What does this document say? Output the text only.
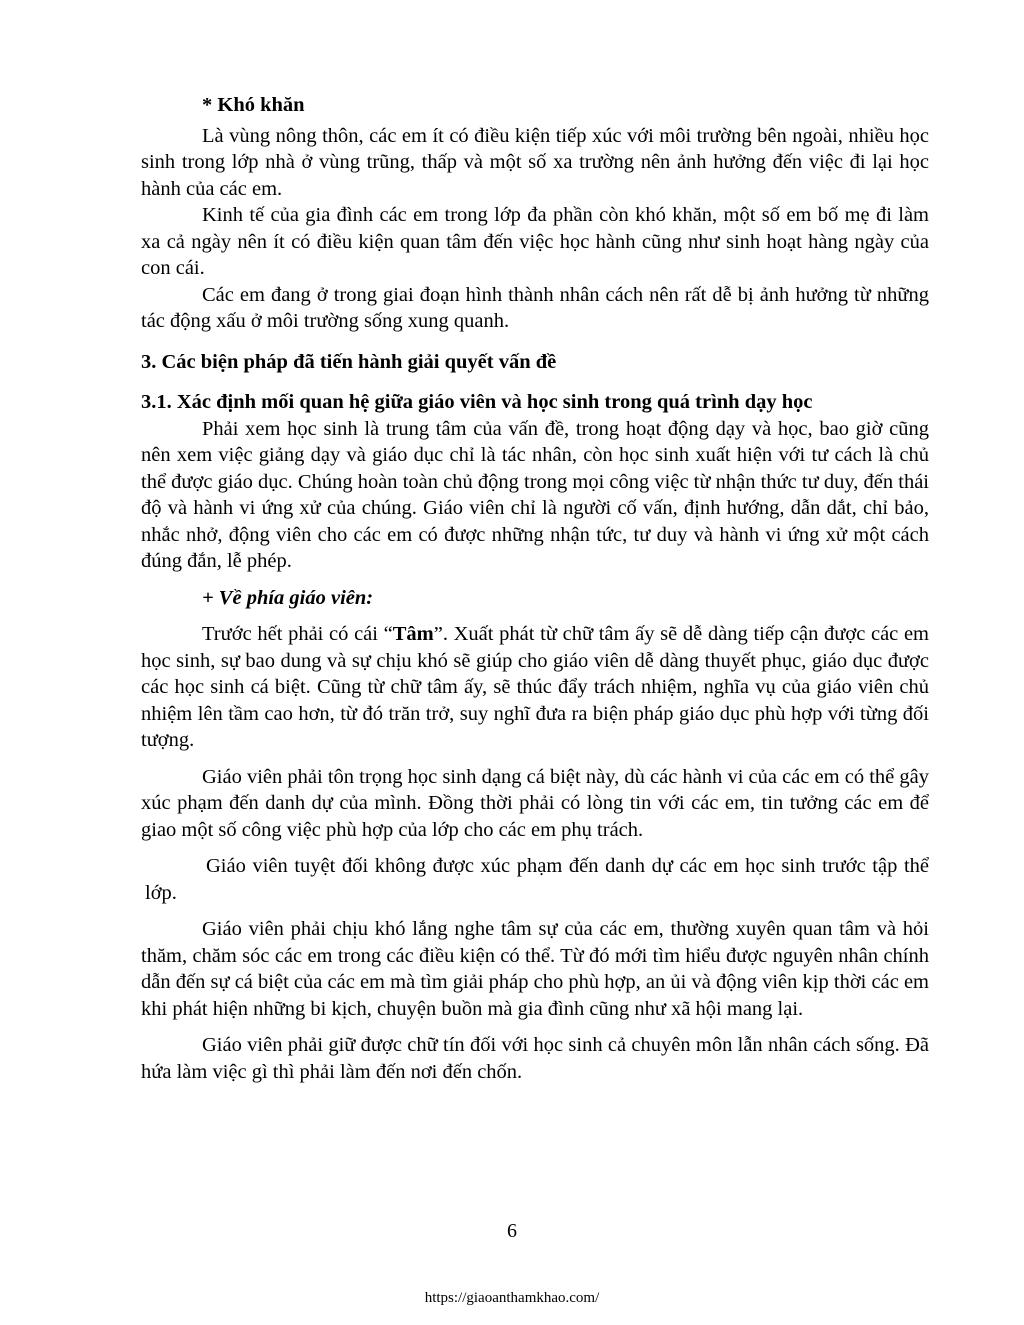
* Khó khăn

Là vùng nông thôn, các em ít có điều kiện tiếp xúc với môi trường bên ngoài, nhiều học sinh trong lớp nhà ở vùng trũng, thấp và một số xa trường nên ảnh hưởng đến việc đi lại học hành của các em.

Kinh tế của gia đình các em trong lớp đa phần còn khó khăn, một số em bố mẹ đi làm xa cả ngày nên ít có điều kiện quan tâm đến việc học hành cũng như sinh hoạt hàng ngày của con cái.

Các em đang ở trong giai đoạn hình thành nhân cách nên rất dễ bị ảnh hưởng từ những tác động xấu ở môi trường sống xung quanh.

3. Các biện pháp đã tiến hành giải quyết vấn đề

3.1. Xác định mối quan hệ giữa giáo viên và học sinh trong quá trình dạy học

Phải xem học sinh là trung tâm của vấn đề, trong hoạt động dạy và học, bao giờ cũng nên xem việc giảng dạy và giáo dục chỉ là tác nhân, còn học sinh xuất hiện với tư cách là chủ thể được giáo dục. Chúng hoàn toàn chủ động trong mọi công việc từ nhận thức tư duy, đến thái độ và hành vi ứng xử của chúng. Giáo viên chỉ là người cố vấn, định hướng, dẫn dắt, chỉ bảo, nhắc nhở, động viên cho các em có được những nhận tức, tư duy và hành vi ứng xử một cách đúng đắn, lễ phép.

+ Về phía giáo viên:

Trước hết phải có cái “Tâm”. Xuất phát từ chữ tâm ấy sẽ dễ dàng tiếp cận được các em học sinh, sự bao dung và sự chịu khó sẽ giúp cho giáo viên dễ dàng thuyết phục, giáo dục được các học sinh cá biệt. Cũng từ chữ tâm ấy, sẽ thúc đẩy trách nhiệm, nghĩa vụ của giáo viên chủ nhiệm lên tầm cao hơn, từ đó trăn trở, suy nghĩ đưa ra biện pháp giáo dục phù hợp với từng đối tượng.

Giáo viên phải tôn trọng học sinh dạng cá biệt này, dù các hành vi của các em có thể gây xúc phạm đến danh dự của mình. Đồng thời phải có lòng tin với các em, tin tưởng các em để giao một số công việc phù hợp của lớp cho các em phụ trách.

Giáo viên tuyệt đối không được xúc phạm đến danh dự các em học sinh trước tập thể lớp.

Giáo viên phải chịu khó lắng nghe tâm sự của các em, thường xuyên quan tâm và hỏi thăm, chăm sóc các em trong các điều kiện có thể. Từ đó mới tìm hiểu được nguyên nhân chính dẫn đến sự cá biệt của các em mà tìm giải pháp cho phù hợp, an ủi và động viên kịp thời các em khi phát hiện những bi kịch, chuyện buồn mà gia đình cũng như xã hội mang lại.

Giáo viên phải giữ được chữ tín đối với học sinh cả chuyên môn lẫn nhân cách sống. Đã hứa làm việc gì thì phải làm đến nơi đến chốn.

6
https://giaoanthamkhao.com/
